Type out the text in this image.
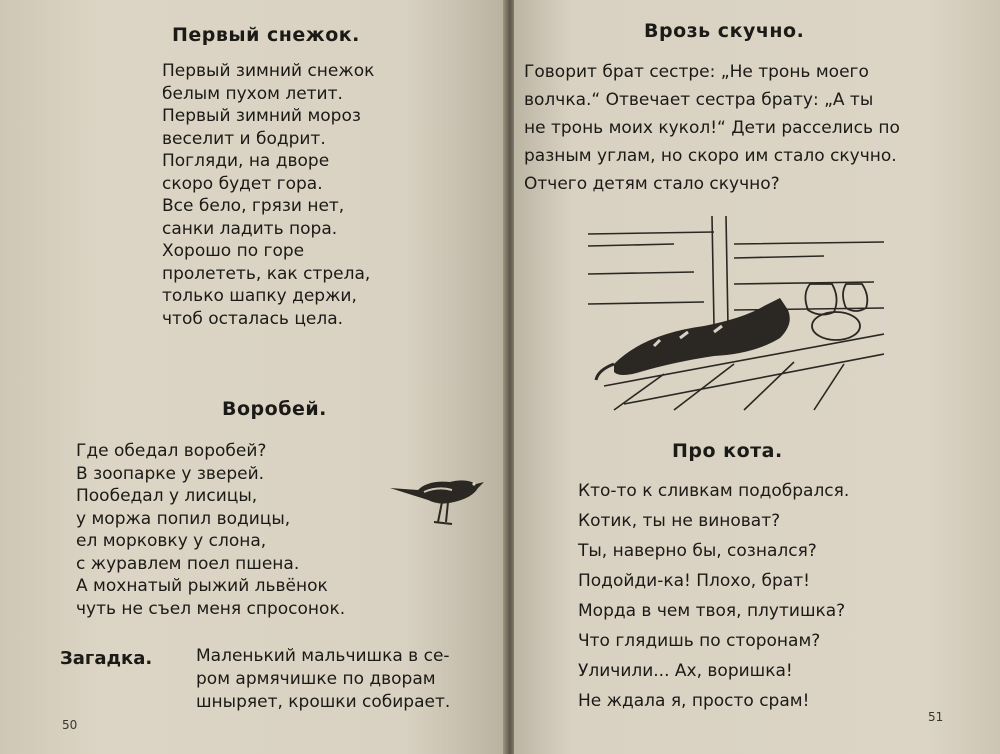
Первый снежок.
Первый зимний снежок
белым пухом летит.
Первый зимний мороз
веселит и бодрит.
Погляди, на дворе
скоро будет гора.
Все бело, грязи нет,
санки ладить пора.
Хорошо по горе
пролететь, как стрела,
только шапку держи,
чтоб осталась цела.
Воробей.
Где обедал воробей?
В зоопарке у зверей.
Пообедал у лисицы,
у моржа попил водицы,
ел морковку у слона,
с журавлем поел пшена.
А мохнатый рыжий львёнок
чуть не съел меня спросонок.
Загадка.	Маленький мальчишка в се-
ром армячишке по дворам
шныряет, крошки собирает.
50
Врозь скучно.
Говорит брат сестре: „Не тронь моего
волчка.“ Отвечает сестра брату: „А ты
не тронь моих кукол!“ Дети расселись по
разным углам, но скоро им стало скучно.
Отчего детям стало скучно?
Про кота.
Кто-то к сливкам подобрался.
Котик, ты не виноват?
Ты, наверно бы, сознался?
Подойди-ка! Плохо, брат!
Морда в чем твоя, плутишка?
Что глядишь по сторонам?
Уличили... Ах, воришка!
Не ждала я, просто срам!
51
